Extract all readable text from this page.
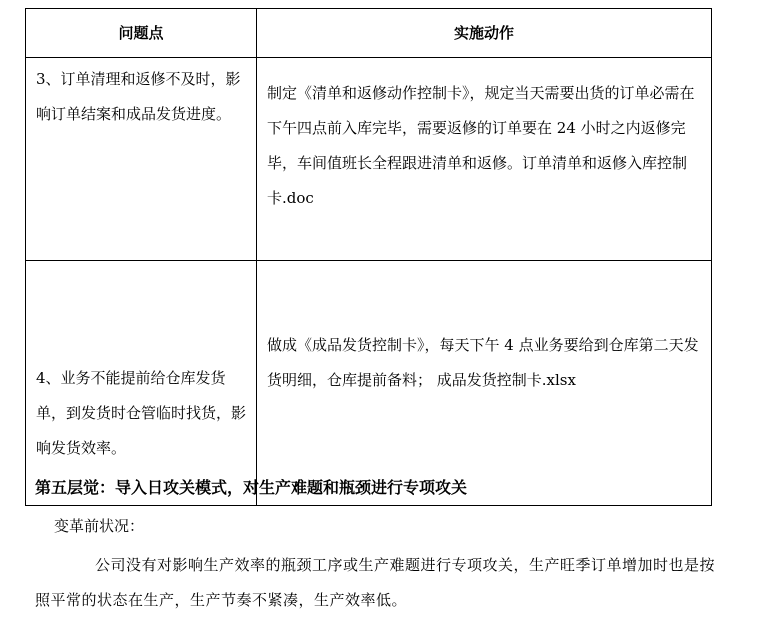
问题点	实施动作
3、订单清理和返修不及时，影响订单结案和成品发货进度。	制定《清单和返修动作控制卡》，规定当天需要出货的订单必需在下午四点前入库完毕，需要返修的订单要在 24 小时之内返修完毕，车间值班长全程跟进清单和返修。订单清单和返修入库控制卡.doc
4、业务不能提前给仓库发货单，到发货时仓管临时找货，影响发货效率。	做成《成品发货控制卡》，每天下午 4 点业务要给到仓库第二天发货明细，仓库提前备料； 成品发货控制卡.xlsx
第五层觉：导入日攻关模式，对生产难题和瓶颈进行专项攻关
变革前状况：
公司没有对影响生产效率的瓶颈工序或生产难题进行专项攻关，生产旺季订单增加时也是按照平常的状态在生产，生产节奏不紧凑，生产效率低。
